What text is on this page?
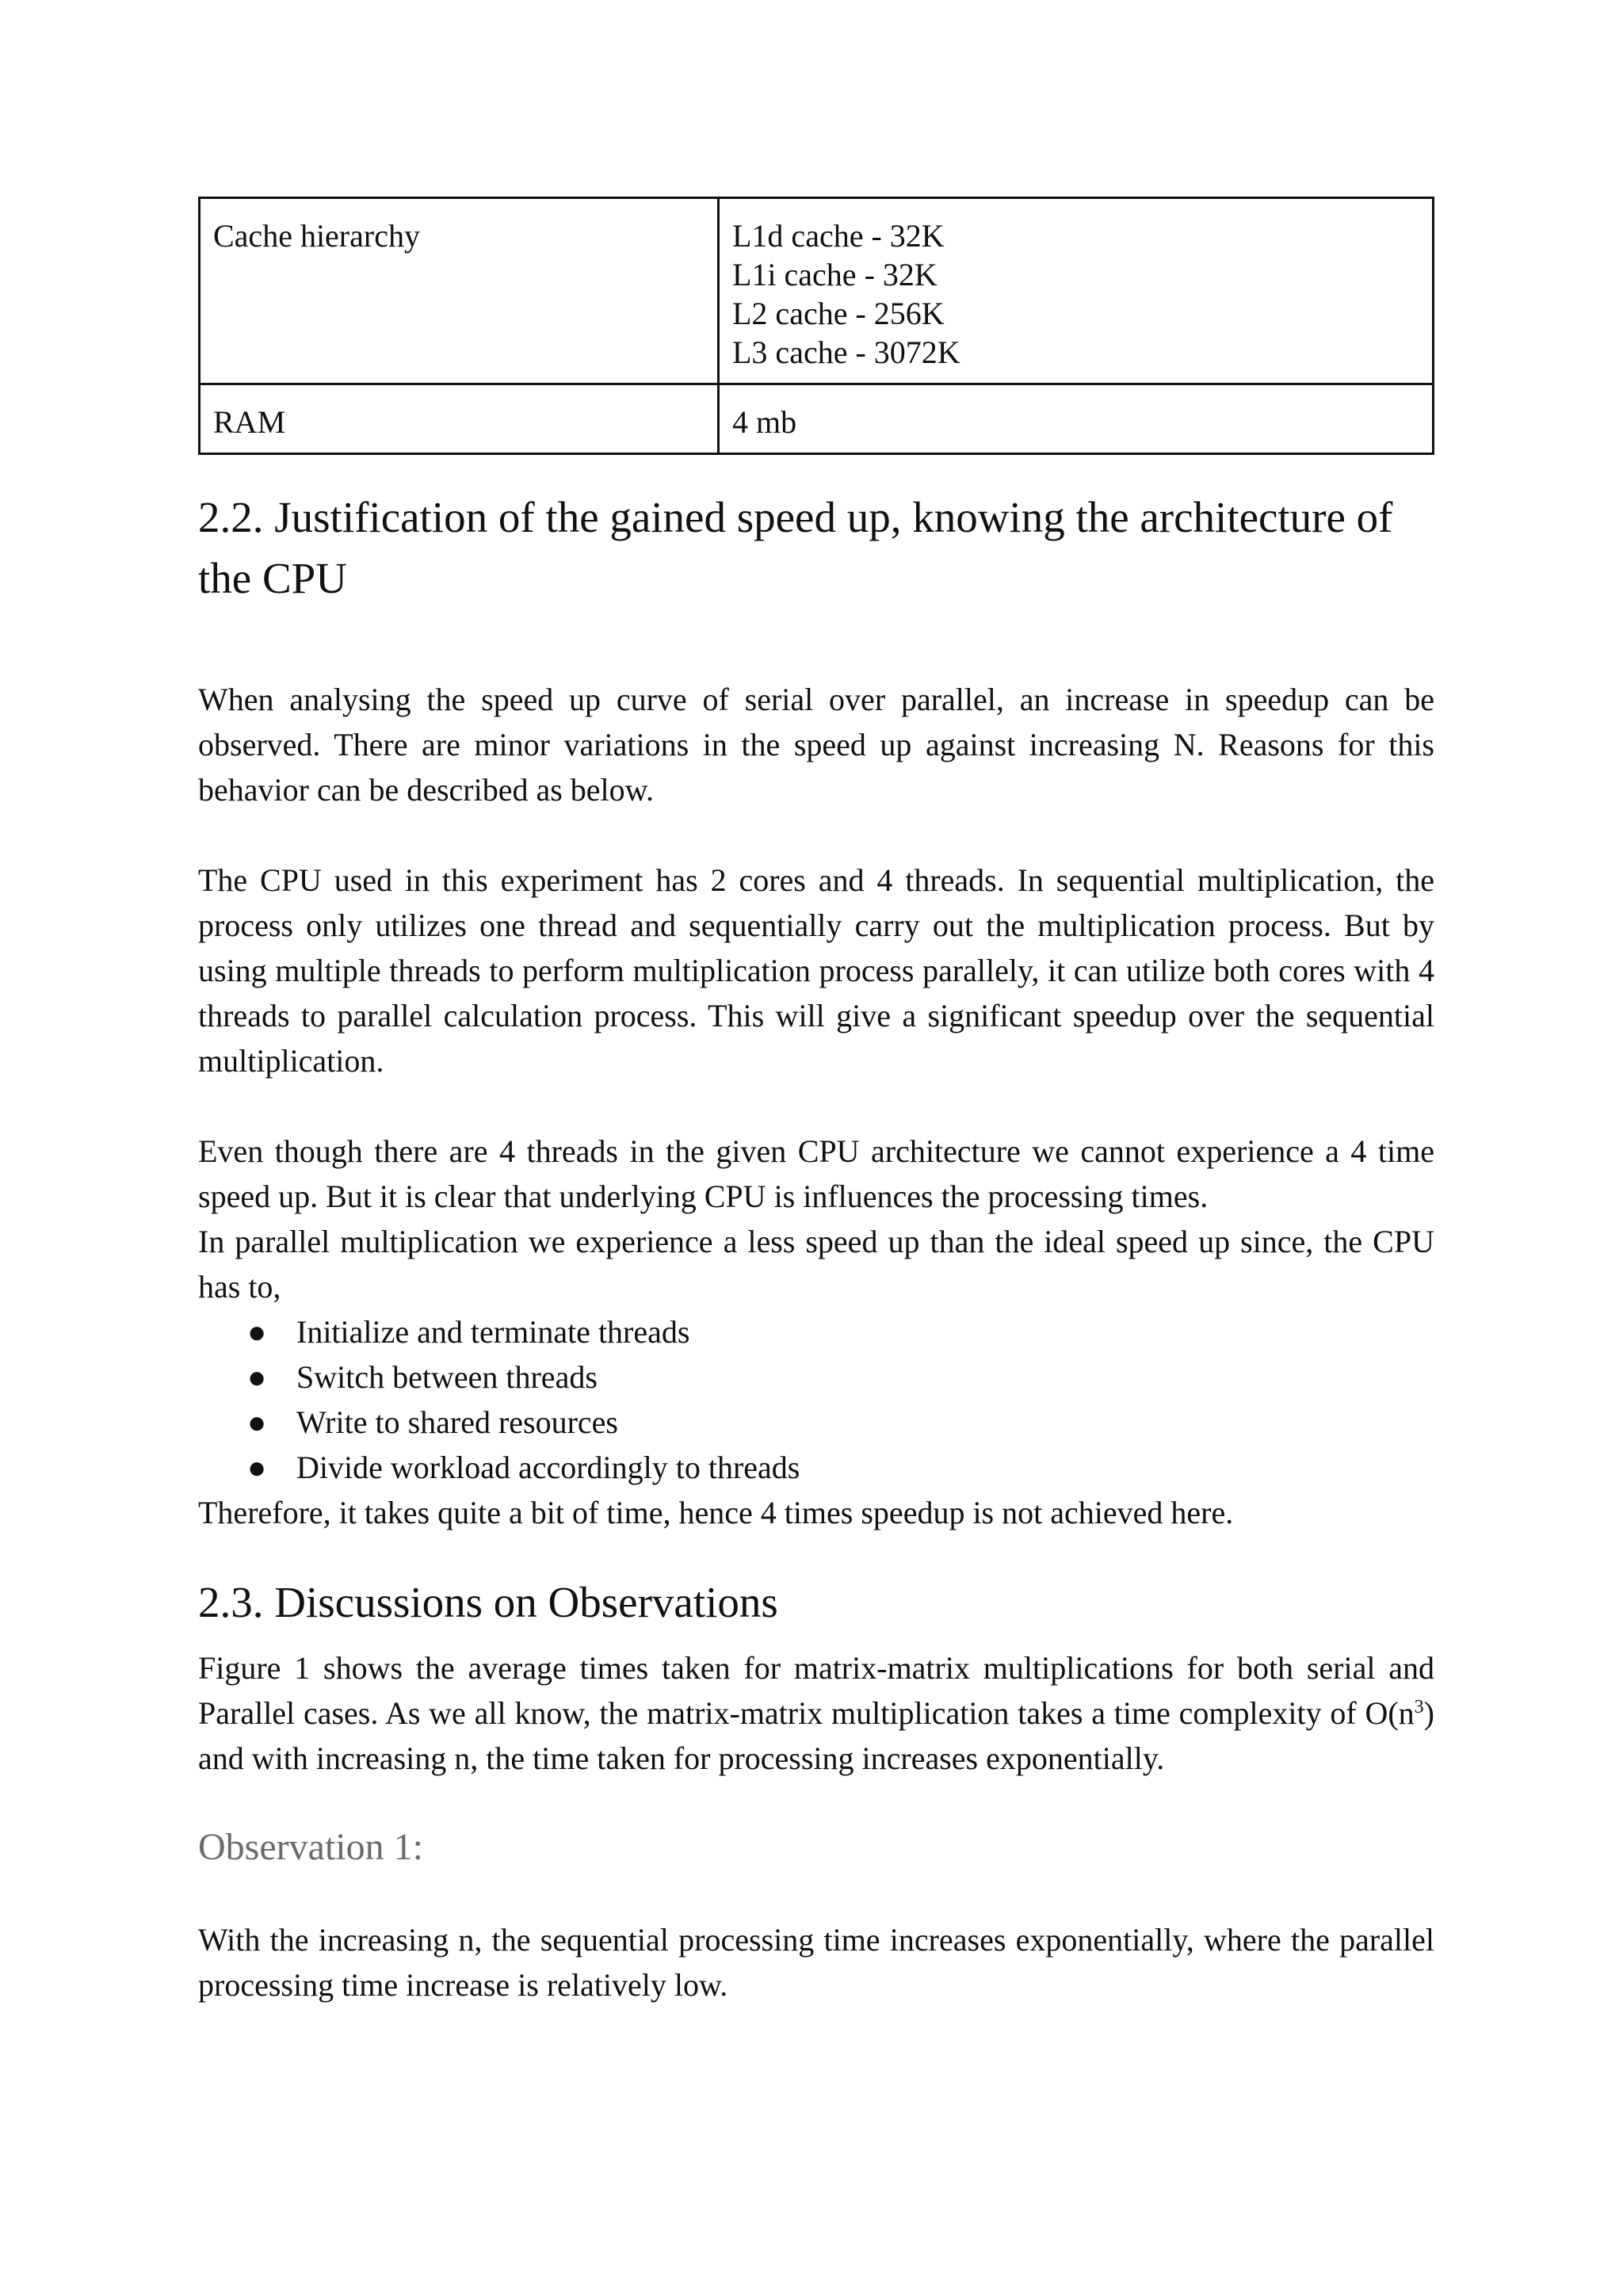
Cache hierarchy	L1d cache - 32K
L1i cache - 32K
L2 cache - 256K
L3 cache - 3072K

RAM	4 mb
2.2. Justification of the gained speed up, knowing the architecture of the CPU

When analysing the speed up curve of serial over parallel, an increase in speedup can be observed. There are minor variations in the speed up against increasing N. Reasons for this behavior can be described as below.

The CPU used in this experiment has 2 cores and 4 threads. In sequential multiplication, the process only utilizes one thread and sequentially carry out the multiplication process. But by using multiple threads to perform multiplication process parallely, it can utilize both cores with 4 threads to parallel calculation process. This will give a significant speedup over the sequential multiplication.

Even though there are 4 threads in the given CPU architecture we cannot experience a 4 time speed up. But it is clear that underlying CPU is influences the processing times.

In parallel multiplication we experience a less speed up than the ideal speed up since, the CPU has to,

● Initialize and terminate threads
● Switch between threads
● Write to shared resources
● Divide workload accordingly to threads

Therefore, it takes quite a bit of time, hence 4 times speedup is not achieved here.

2.3. Discussions on Observations

Figure 1 shows the average times taken for matrix-matrix multiplications for both serial and Parallel cases. As we all know, the matrix-matrix multiplication takes a time complexity of $O(n^3)$ and with increasing n, the time taken for processing increases exponentially.

Observation 1:

With the increasing n, the sequential processing time increases exponentially, where the parallel processing time increase is relatively low.
